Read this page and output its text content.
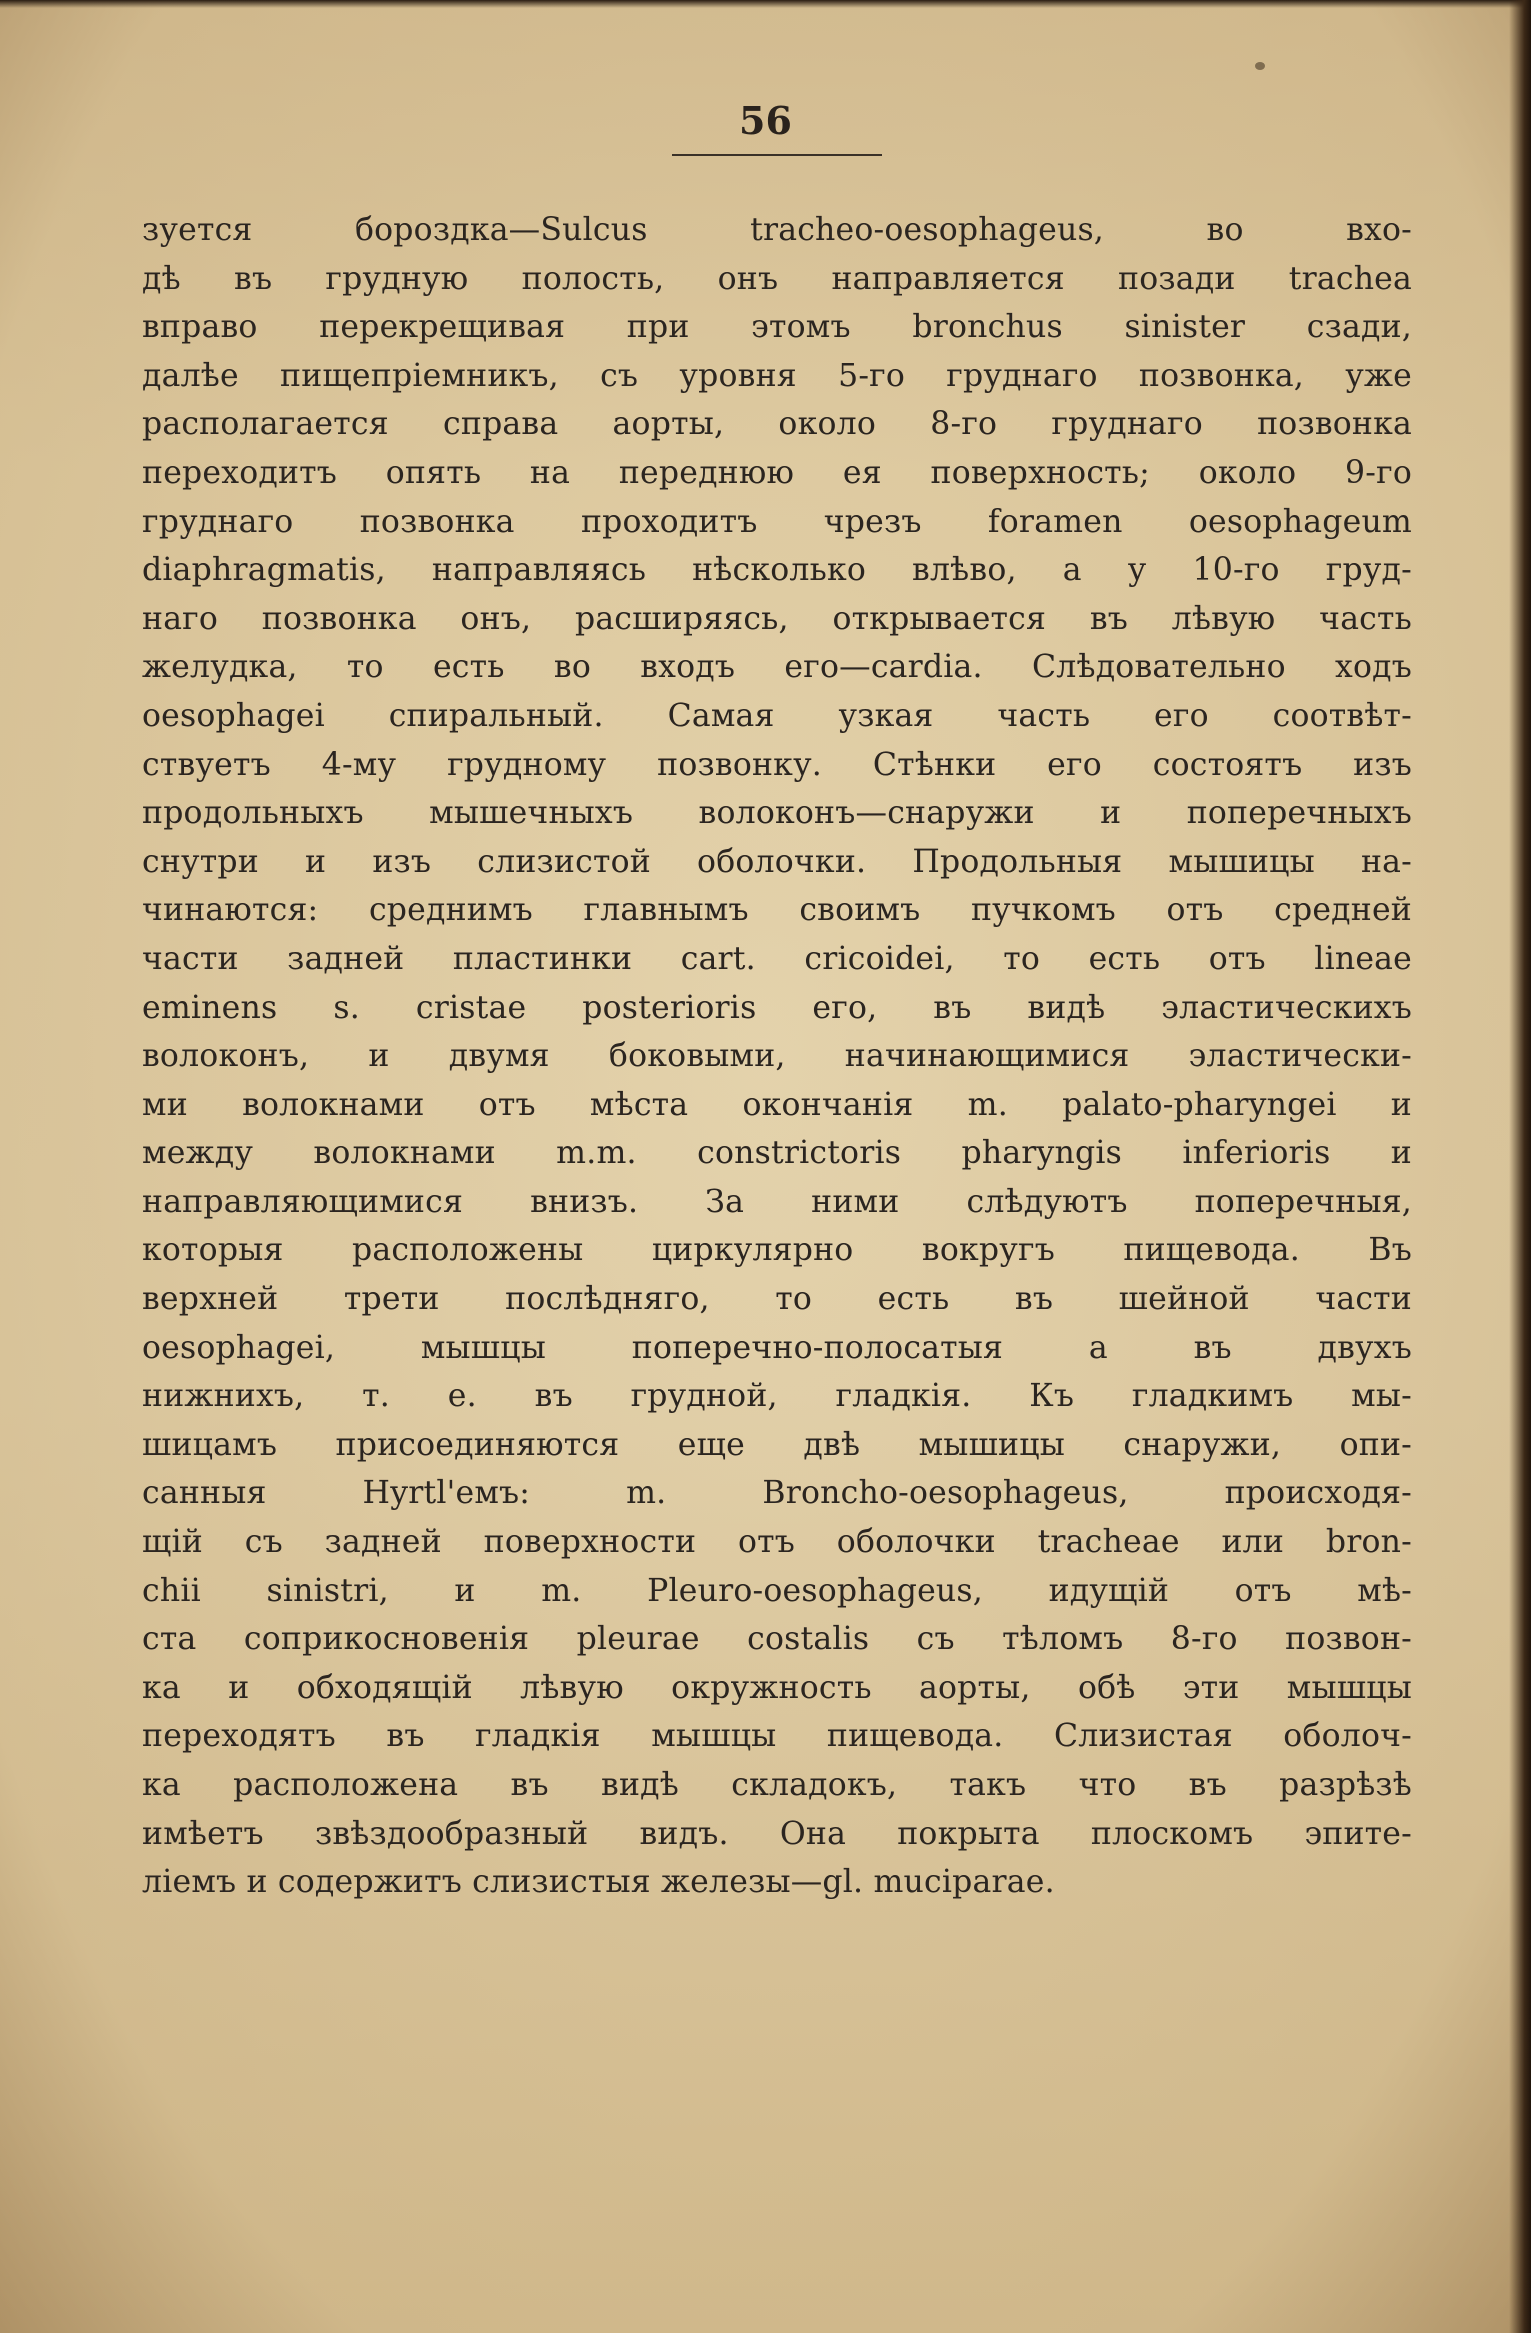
56
зуется бороздка—Sulcus tracheo-oesophageus, во вхо-
дѣ въ грудную полость, онъ направляется позади trachea
вправо перекрещивая при этомъ bronchus sinister сзади,
далѣе пищепріемникъ, съ уровня 5-го груднаго позвонка, уже
располагается справа аорты, около 8-го груднаго позвонка
переходитъ опять на переднюю ея поверхность; около 9-го
груднаго позвонка проходитъ чрезъ foramen oesophageum
diaphragmatis, направляясь нѣсколько влѣво, а у 10-го груд-
наго позвонка онъ, расширяясь, открывается въ лѣвую часть
желудка, то есть во входъ его—cardia. Слѣдовательно ходъ
oesophagei спиральный. Самая узкая часть его соотвѣт-
ствуетъ 4-му грудному позвонку. Стѣнки его состоятъ изъ
продольныхъ мышечныхъ волоконъ—снаружи и поперечныхъ
снутри и изъ слизистой оболочки. Продольныя мышицы на-
чинаются: среднимъ главнымъ своимъ пучкомъ отъ средней
части задней пластинки cart. cricoidei, то есть отъ lineae
eminens s. cristae posterioris его, въ видѣ эластическихъ
волоконъ, и двумя боковыми, начинающимися эластически-
ми волокнами отъ мѣста окончанія m. palato-pharyngei и
между волокнами m.m. constrictoris pharyngis inferioris и
направляющимися внизъ. За ними слѣдуютъ поперечныя,
которыя расположены циркулярно вокругъ пищевода. Въ
верхней трети послѣдняго, то есть въ шейной части
oesophagei, мышцы поперечно-полосатыя а въ двухъ
нижнихъ, т. е. въ грудной, гладкія. Къ гладкимъ мы-
шицамъ присоединяются еще двѣ мышицы снаружи, опи-
санныя Hyrtl'емъ: m. Broncho-oesophageus, происходя-
щій съ задней поверхности отъ оболочки tracheae или bron-
chii sinistri, и m. Pleuro-oesophageus, идущій отъ мѣ-
ста соприкосновенія pleurae costalis съ тѣломъ 8-го позвон-
ка и обходящій лѣвую окружность аорты, обѣ эти мышцы
переходятъ въ гладкія мышцы пищевода. Слизистая оболоч-
ка расположена въ видѣ складокъ, такъ что въ разрѣзѣ
имѣетъ звѣздообразный видъ. Она покрыта плоскомъ эпите-
ліемъ и содержитъ слизистыя железы—gl. muciparae.
